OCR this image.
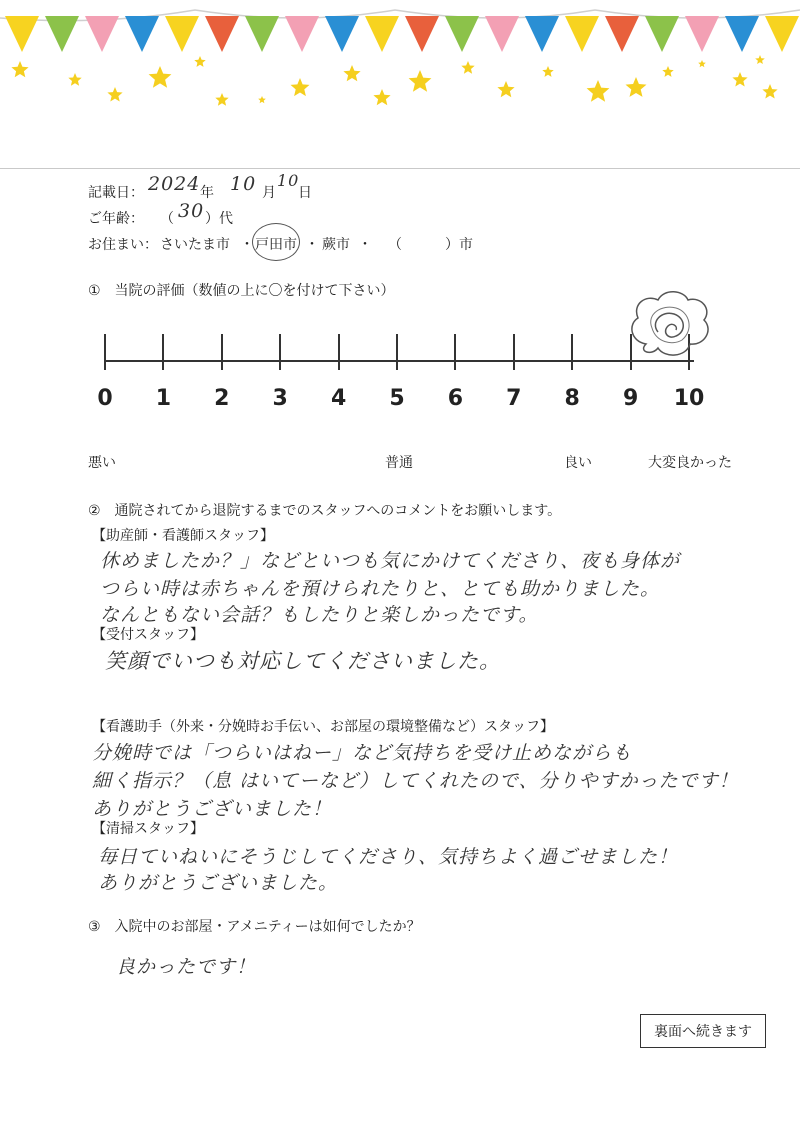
記載日： 2024 年 10 月
10
日
ご年齢： （ 30 ）代
お住まい： さいたま市 ・ 戸田市 ・ 蕨市 ・ （	）市
①　当院の評価（数値の上に〇を付けて下さい）
0	1	2	3	4	5	6	7	8	9	10
悪い	普通	良い	大変良かった
②　通院されてから退院するまでのスタッフへのコメントをお願いします。
【助産師・看護師スタッフ】
休めましたか？」などといつも気にかけてくださり、夜も身体が
つらい時は赤ちゃんを預けられたりと、とても助かりました。
なんともない会話？もしたりと楽しかったです。
【受付スタッフ】
笑顔でいつも対応してくださいました。
【看護助手（外来・分娩時お手伝い、お部屋の環境整備など）スタッフ】
分娩時では「つらいはねー」など気持ちを受け止めながらも
細く指示？（息 はいてーなど）してくれたので、分りやすかったです！
ありがとうございました！
【清掃スタッフ】
毎日ていねいにそうじしてくださり、気持ちよく過ごせました！
ありがとうございました。
③　入院中のお部屋・アメニティーは如何でしたか？
良かったです！
裏面へ続きます
